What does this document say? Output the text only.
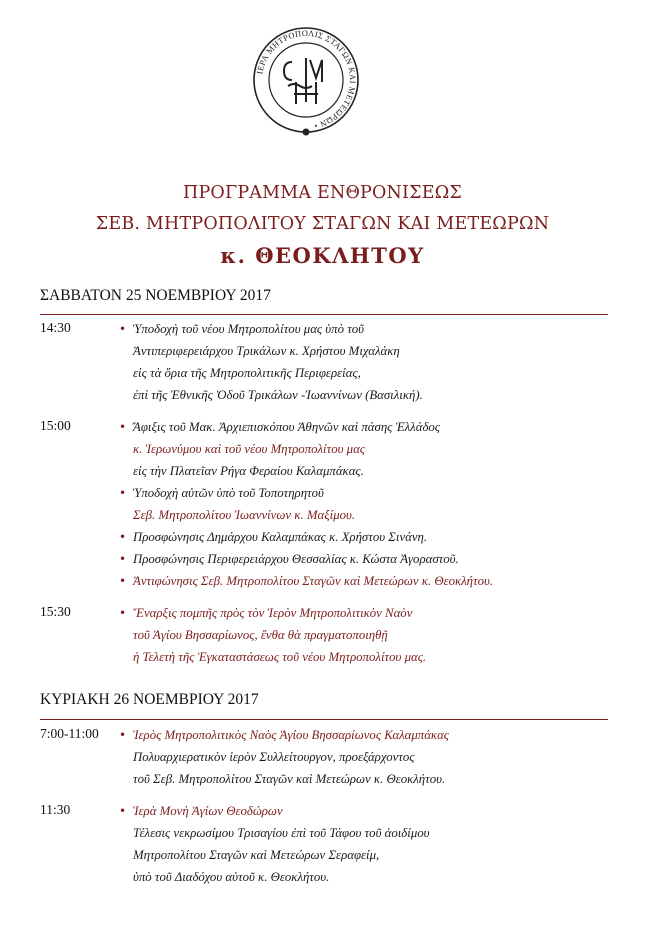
ΙΕΡΑ ΜΗΤΡΟΠΟΛΙΣ ΣΤΑΓΩΝ ΚΑΙ ΜΕΤΕΩΡΩΝ •
ΠΡΟΓΡΑΜΜΑ ΕΝΘΡΟΝΙΣΕΩΣ
ΣΕΒ. ΜΗΤΡΟΠΟΛΙΤΟΥ ΣΤΑΓΩΝ ΚΑΙ ΜΕΤΕΩΡΩΝ
κ. ΘΕΟΚΛΗΤΟΥ
ΣΑΒΒΑΤΟΝ 25 ΝΟΕΜΒΡΙΟΥ 2017
ΚΥΡΙΑΚΗ 26 ΝΟΕΜΒΡΙΟΥ 2017
14:30	• Ὑποδοχὴ τοῦ νέου Μητροπολίτου μας ὑπὸ τοῦ
Ἀντιπεριφερειάρχου Τρικάλων κ. Χρήστου Μιχαλάκη
εἰς τὰ ὅρια τῆς Μητροπολιτικῆς Περιφερείας,
ἐπὶ τῆς Ἐθνικῆς Ὁδοῦ Τρικάλων -Ἰωαννίνων (Βασιλική).
15:00	• Ἄφιξις τοῦ Μακ. Ἀρχιεπισκόπου Ἀθηνῶν καὶ πάσης Ἑλλάδος
κ. Ἱερωνύμου καὶ τοῦ νέου Μητροπολίτου μας
εἰς τὴν Πλατεῖαν Ρήγα Φεραίου Καλαμπάκας.
• Ὑποδοχὴ αὐτῶν ὑπὸ τοῦ Τοποτηρητοῦ
Σεβ. Μητροπολίτου Ἰωαννίνων κ. Μαξίμου.
• Προσφώνησις Δημάρχου Καλαμπάκας κ. Χρήστου Σινάνη.
• Προσφώνησις Περιφερειάρχου Θεσσαλίας κ. Κώστα Ἀγοραστοῦ.
• Ἀντιφώνησις Σεβ. Μητροπολίτου Σταγῶν καὶ Μετεώρων κ. Θεοκλήτου.
15:30	• Ἔναρξις πομπῆς πρὸς τὸν Ἱερὸν Μητροπολιτικὸν Ναὸν
τοῦ Ἁγίου Βησσαρίωνος, ἔνθα θὰ πραγματοποιηθῇ
ἡ Τελετὴ τῆς Ἐγκαταστάσεως τοῦ νέου Μητροπολίτου μας.
7:00-11:00 • Ἱερὸς Μητροπολιτικὸς Ναὸς Ἁγίου Βησσαρίωνος Καλαμπάκας
Πολυαρχιερατικὸν ἱερὸν Συλλείτουργον, προεξάρχοντος
τοῦ Σεβ. Μητροπολίτου Σταγῶν καὶ Μετεώρων κ. Θεοκλήτου.
11:30	• Ἱερὰ Μονὴ Ἁγίων Θεοδώρων
Τέλεσις νεκρωσίμου Τρισαγίου ἐπὶ τοῦ Τάφου τοῦ ἀοιδίμου
Μητροπολίτου Σταγῶν καὶ Μετεώρων Σεραφείμ,
ὑπὸ τοῦ Διαδόχου αὐτοῦ κ. Θεοκλήτου.
